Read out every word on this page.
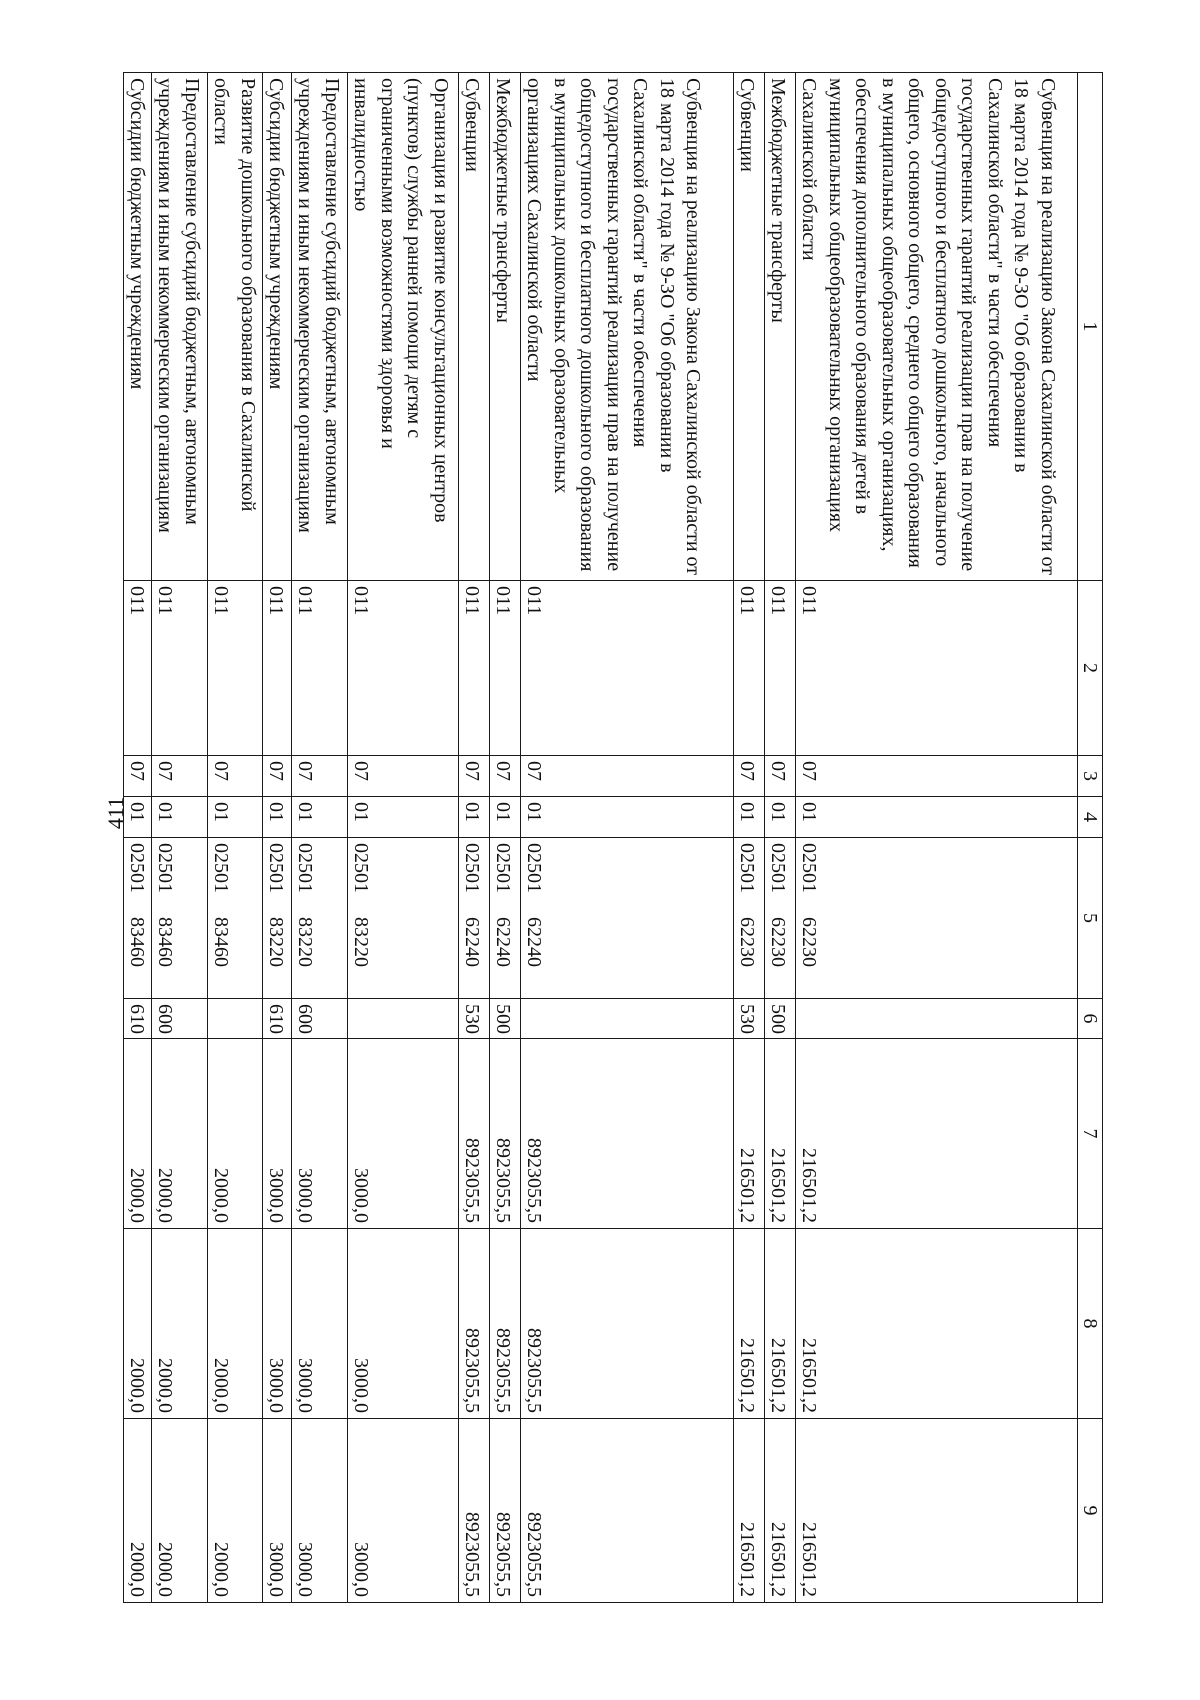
411
1	2	3	4	5	6	7	8	9
Субвенция на реализацию Закона Сахалинской области от 18 марта 2014 года № 9-ЗО "Об образовании в Сахалинской области" в части обеспечения государственных гарантий реализации прав на получение общедоступного и бесплатного дошкольного, начального общего, основного общего, среднего общего образования в муниципальных общеобразовательных организациях, обеспечения дополнительного образования детей в муниципальных общеобразовательных организациях Сахалинской области	011	07	01	0250162230		216501,2	216501,2	216501,2
Межбюджетные трансферты	011	07	01	0250162230	500	216501,2	216501,2	216501,2
Субвенции	011	07	01	0250162230	530	216501,2	216501,2	216501,2
Субвенция на реализацию Закона Сахалинской области от 18 марта 2014 года № 9-ЗО "Об образовании в Сахалинской области" в части обеспечения государственных гарантий реализации прав на получение общедоступного и бесплатного дошкольного образования в муниципальных дошкольных образовательных организациях Сахалинской области	011	07	01	0250162240		8923055,5	8923055,5	8923055,5
Межбюджетные трансферты	011	07	01	0250162240	500	8923055,5	8923055,5	8923055,5
Субвенции	011	07	01	0250162240	530	8923055,5	8923055,5	8923055,5
Организация и развитие консультационных центров (пунктов) службы ранней помощи детям с ограниченными возможностями здоровья и инвалидностью	011	07	01	0250183220		3000,0	3000,0	3000,0
Предоставление субсидий бюджетным, автономным учреждениям и иным некоммерческим организациям	011	07	01	0250183220	600	3000,0	3000,0	3000,0
Субсидии бюджетным учреждениям	011	07	01	0250183220	610	3000,0	3000,0	3000,0
Развитие дошкольного образования в Сахалинской области	011	07	01	0250183460		2000,0	2000,0	2000,0
Предоставление субсидий бюджетным, автономным учреждениям и иным некоммерческим организациям	011	07	01	0250183460	600	2000,0	2000,0	2000,0
Субсидии бюджетным учреждениям	011	07	01	0250183460	610	2000,0	2000,0	2000,0
